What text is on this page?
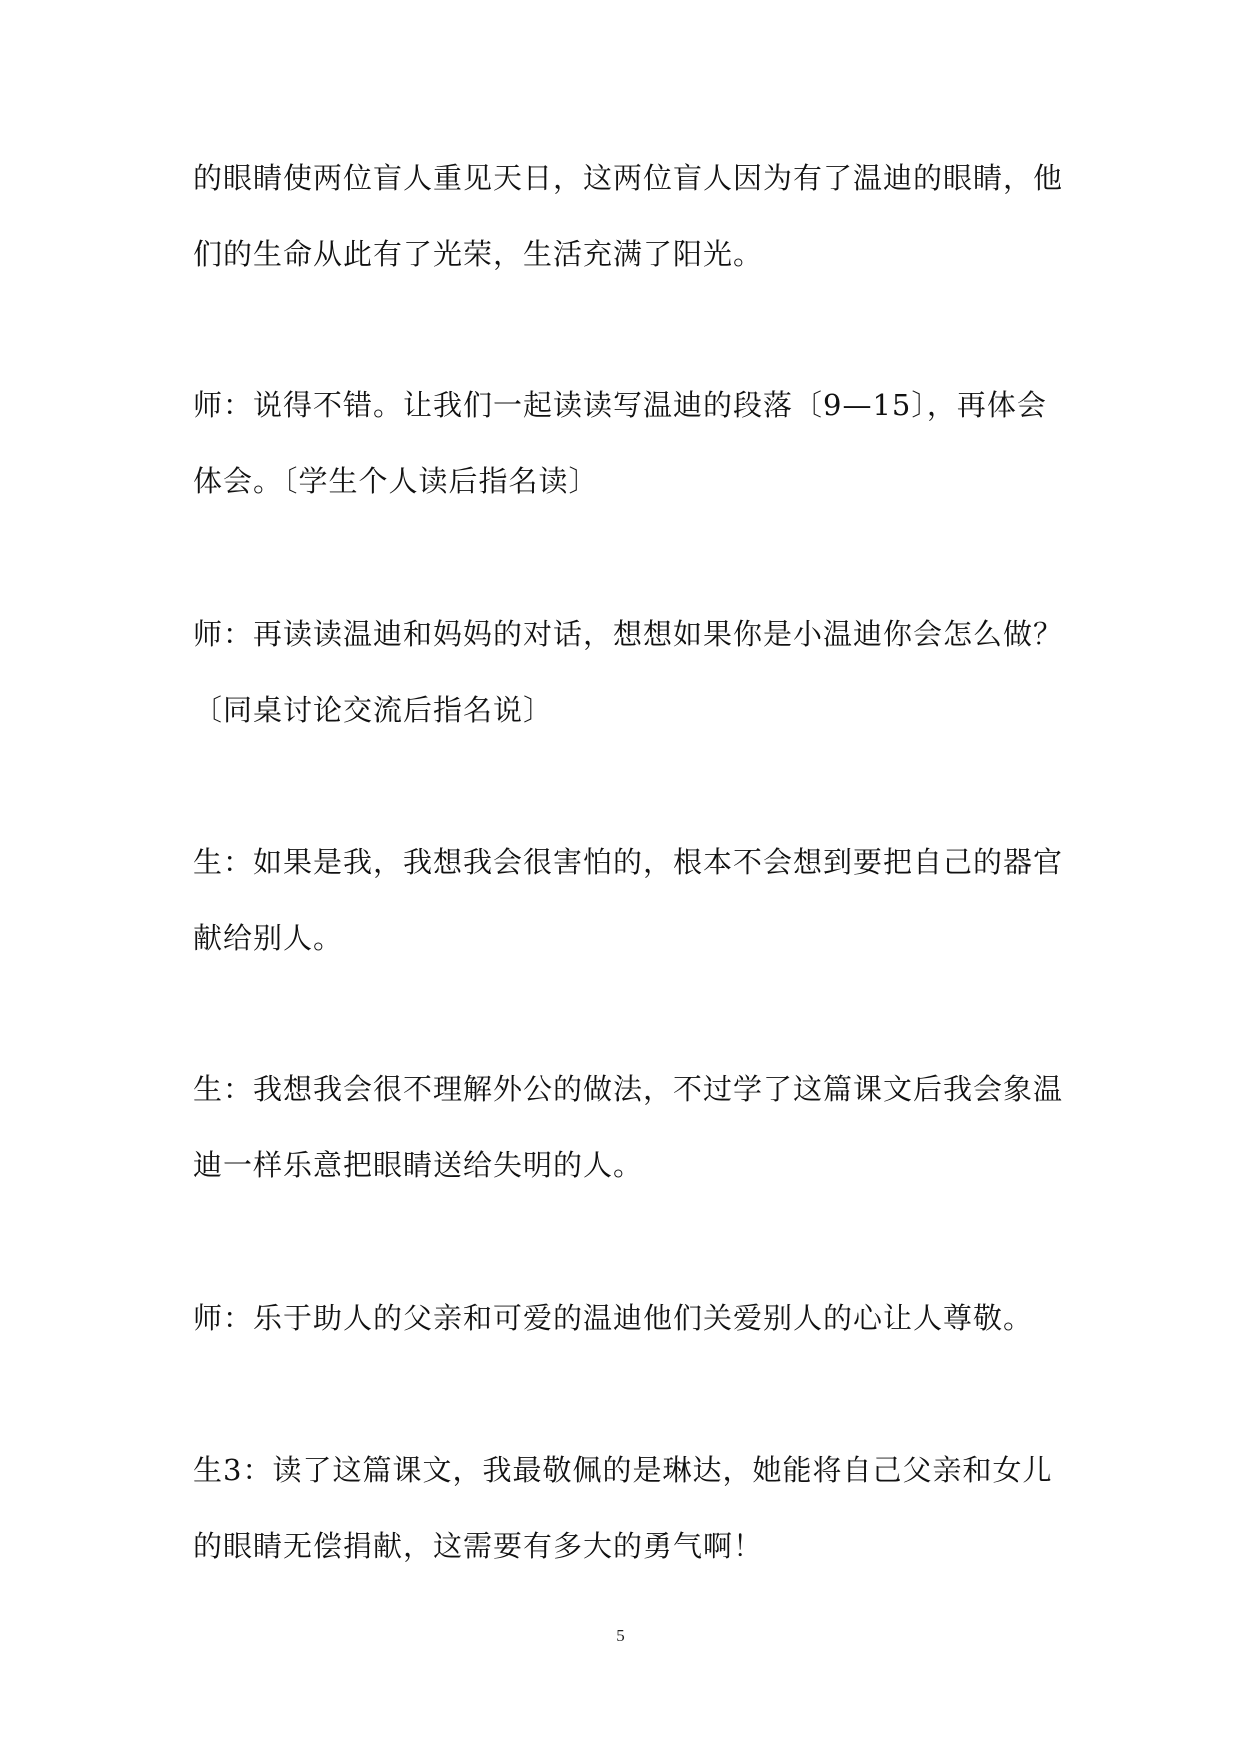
的眼睛使两位盲人重见天日，这两位盲人因为有了温迪的眼睛，他
们的生命从此有了光荣，生活充满了阳光。
师：说得不错。让我们一起读读写温迪的段落〔9—15〕，再体会
体会。〔学生个人读后指名读〕
师：再读读温迪和妈妈的对话，想想如果你是小温迪你会怎么做？
〔同桌讨论交流后指名说〕
生：如果是我，我想我会很害怕的，根本不会想到要把自己的器官
献给别人。
生：我想我会很不理解外公的做法，不过学了这篇课文后我会象温
迪一样乐意把眼睛送给失明的人。
师：乐于助人的父亲和可爱的温迪他们关爱别人的心让人尊敬。
生3：读了这篇课文，我最敬佩的是琳达，她能将自己父亲和女儿
的眼睛无偿捐献，这需要有多大的勇气啊！
5
